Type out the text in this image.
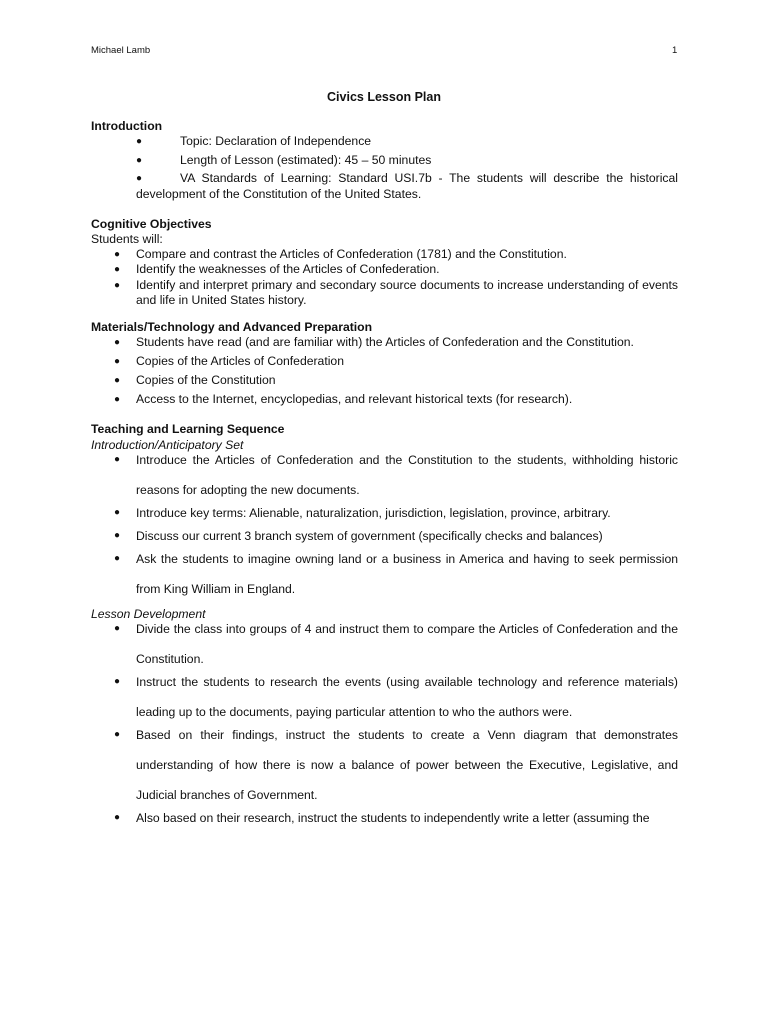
Michael Lamb	1
Civics Lesson Plan

Introduction

●	Topic: Declaration of Independence
●	Length of Lesson (estimated): 45 – 50 minutes
●	VA Standards of Learning: Standard USI.7b - The students will describe the historical development of the Constitution of the United States.

Cognitive Objectives

Students will:

● Compare and contrast the Articles of Confederation (1781) and the Constitution.
● Identify the weaknesses of the Articles of Confederation.
● Identify and interpret primary and secondary source documents to increase understanding of events and life in United States history.

Materials/Technology and Advanced Preparation

● Students have read (and are familiar with) the Articles of Confederation and the Constitution.
● Copies of the Articles of Confederation
● Copies of the Constitution
● Access to the Internet, encyclopedias, and relevant historical texts (for research).

Teaching and Learning Sequence

Introduction/Anticipatory Set

● Introduce the Articles of Confederation and the Constitution to the students, withholding historic reasons for adopting the new documents.
● Introduce key terms: Alienable, naturalization, jurisdiction, legislation, province, arbitrary.
● Discuss our current 3 branch system of government (specifically checks and balances)
● Ask the students to imagine owning land or a business in America and having to seek permission from King William in England.

Lesson Development

● Divide the class into groups of 4 and instruct them to compare the Articles of Confederation and the Constitution.
● Instruct the students to research the events (using available technology and reference materials) leading up to the documents, paying particular attention to who the authors were.
● Based on their findings, instruct the students to create a Venn diagram that demonstrates understanding of how there is now a balance of power between the Executive, Legislative, and Judicial branches of Government.
● Also based on their research, instruct the students to independently write a letter (assuming the
